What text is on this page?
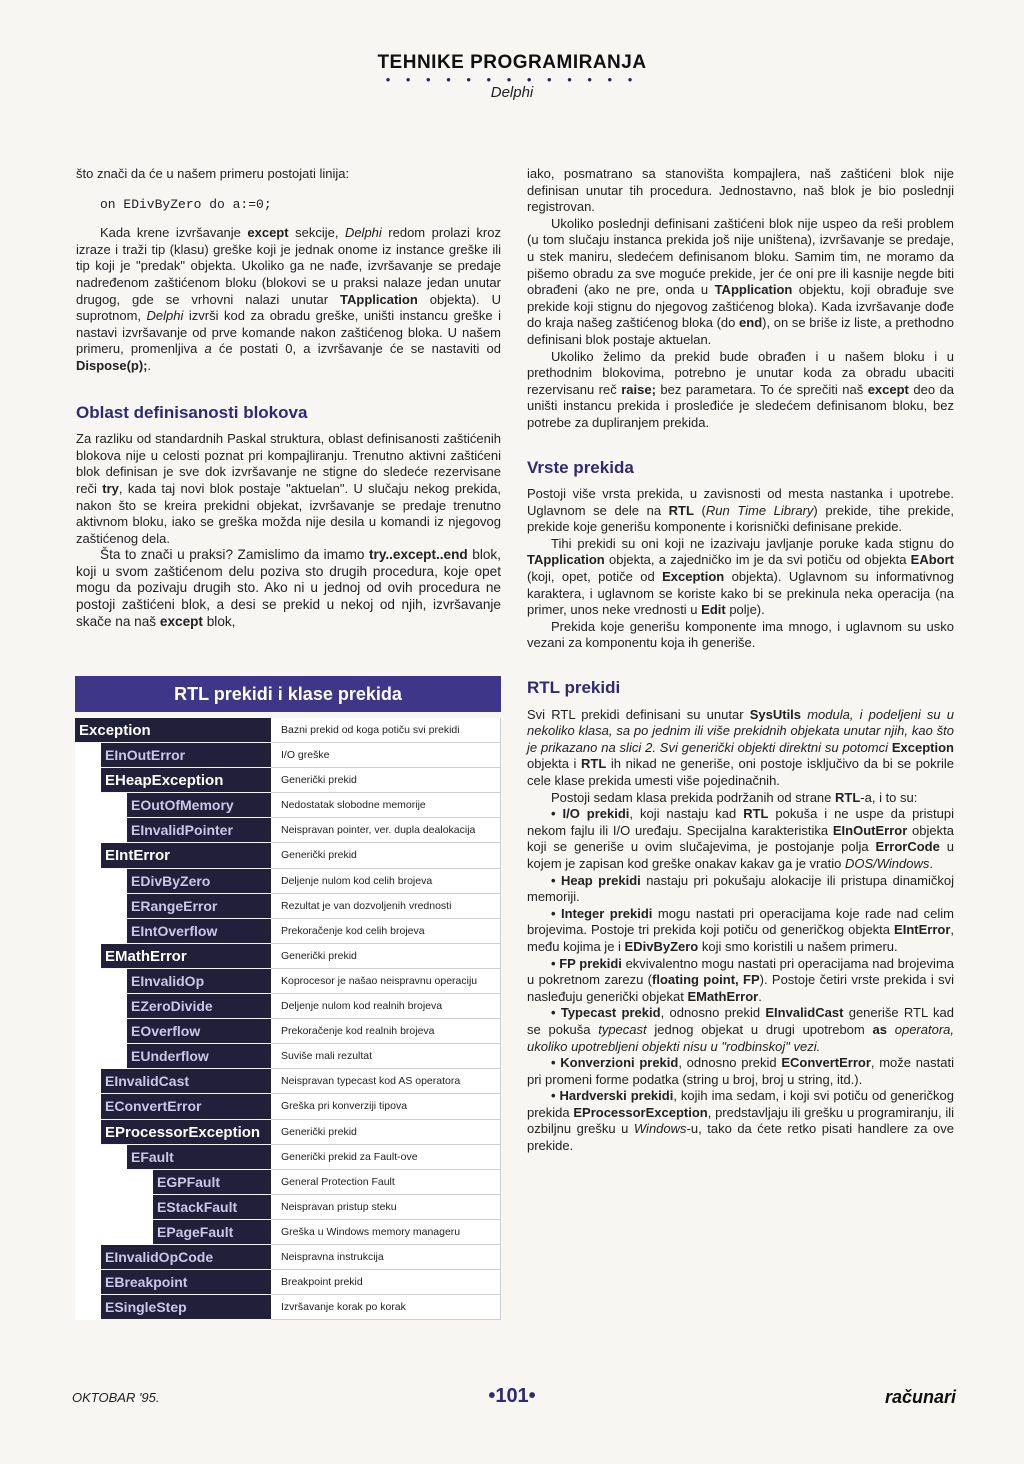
TEHNIKE PROGRAMIRANJA
• • • • • • • • • • • • •
Delphi

što znači da će u našem primeru postojati linija:

on EDivByZero do a:=0;

Kada krene izvršavanje except sekcije, Delphi redom prolazi kroz izraze i traži tip (klasu) greške koji je jednak onome iz instance greške ili tip koji je "predak" objekta. Ukoliko ga ne nađe, izvršavanje se predaje nadređenom zaštićenom bloku (blokovi se u praksi nalaze jedan unutar drugog, gde se vrhovni nalazi unutar TApplication objekta). U suprotnom, Delphi izvrši kod za obradu greške, uništi instancu greške i nastavi izvršavanje od prve komande nakon zaštićenog bloka. U našem primeru, promenljiva a će postati 0, a izvršavanje će se nastaviti od Dispose(p);.

Oblast definisanosti blokova

Za razliku od standardnih Paskal struktura, oblast definisanosti zaštićenih blokova nije u celosti poznat pri kompajliranju. Trenutno aktivni zaštićeni blok definisan je sve dok izvršavanje ne stigne do sledeće rezervisane reči try, kada taj novi blok postaje "aktuelan". U slučaju nekog prekida, nakon što se kreira prekidni objekat, izvršavanje se predaje trenutno aktivnom bloku, iako se greška možda nije desila u komandi iz njegovog zaštićenog dela.

Šta to znači u praksi? Zamislimo da imamo try..except..end blok, koji u svom zaštićenom delu poziva sto drugih procedura, koje opet mogu da pozivaju drugih sto. Ako ni u jednoj od ovih procedura ne postoji zaštićeni blok, a desi se prekid u nekoj od njih, izvršavanje skače na naš except blok,

RTL prekidi i klase prekida
Exception	Bazni prekid od koga potiču svi prekidi
EInOutError	I/O greške
EHeapException	Generički prekid
EOutOfMemory	Nedostatak slobodne memorije
EInvalidPointer	Neispravan pointer, ver. dupla dealokacija
EIntError	Generički prekid
EDivByZero	Deljenje nulom kod celih brojeva
ERangeError	Rezultat je van dozvoljenih vrednosti
EIntOverflow	Prekoračenje kod celih brojeva
EMathError	Generički prekid
EInvalidOp	Koprocesor je našao neispravnu operaciju
EZeroDivide	Deljenje nulom kod realnih brojeva
EOverflow	Prekoračenje kod realnih brojeva
EUnderflow	Suviše mali rezultat
EInvalidCast	Neispravan typecast kod AS operatora
EConvertError	Greška pri konverziji tipova
EProcessorException	Generički prekid
EFault	Generički prekid za Fault-ove
EGPFault	General Protection Fault
EStackFault	Neispravan pristup steku
EPageFault	Greška u Windows memory manageru
EInvalidOpCode	Neispravna instrukcija
EBreakpoint	Breakpoint prekid
ESingleStep	Izvršavanje korak po korak

iako, posmatrano sa stanovišta kompajlera, naš zaštićeni blok nije definisan unutar tih procedura. Jednostavno, naš blok je bio poslednji registrovan.

Ukoliko poslednji definisani zaštićeni blok nije uspeo da reši problem (u tom slučaju instanca prekida još nije uništena), izvršavanje se predaje, u stek maniru, sledećem definisanom bloku. Samim tim, ne moramo da pišemo obradu za sve moguće prekide, jer će oni pre ili kasnije negde biti obrađeni (ako ne pre, onda u TApplication objektu, koji obrađuje sve prekide koji stignu do njegovog zaštićenog bloka). Kada izvršavanje dođe do kraja našeg zaštićenog bloka (do end), on se briše iz liste, a prethodno definisani blok postaje aktuelan.

Ukoliko želimo da prekid bude obrađen i u našem bloku i u prethodnim blokovima, potrebno je unutar koda za obradu ubaciti rezervisanu reč raise; bez parametara. To će sprečiti naš except deo da uništi instancu prekida i prosleđiće je sledećem definisanom bloku, bez potrebe za dupliranjem prekida.

Vrste prekida

Postoji više vrsta prekida, u zavisnosti od mesta nastanka i upotrebe. Uglavnom se dele na RTL (Run Time Library) prekide, tihe prekide, prekide koje generišu komponente i korisnički definisane prekide.

Tihi prekidi su oni koji ne izazivaju javljanje poruke kada stignu do TApplication objekta, a zajedničko im je da svi potiču od objekta EAbort (koji, opet, potiče od Exception objekta). Uglavnom su informativnog karaktera, i uglavnom se koriste kako bi se prekinula neka operacija (na primer, unos neke vrednosti u Edit polje).

Prekida koje generišu komponente ima mnogo, i uglavnom su usko vezani za komponentu koja ih generiše.

RTL prekidi

Svi RTL prekidi definisani su unutar SysUtils modula, i podeljeni su u nekoliko klasa, sa po jednim ili više prekidnih objekata unutar njih, kao što je prikazano na slici 2. Svi generički objekti direktni su potomci Exception objekta i RTL ih nikad ne generiše, oni postoje isključivo da bi se pokrile cele klase prekida umesti više pojedinačnih.

Postoji sedam klasa prekida podržanih od strane RTL-a, i to su:

• I/O prekidi, koji nastaju kad RTL pokuša i ne uspe da pristupi nekom fajlu ili I/O uređaju. Specijalna karakteristika EInOutError objekta koji se generiše u ovim slučajevima, je postojanje polja ErrorCode u kojem je zapisan kod greške onakav kakav ga je vratio DOS/Windows.

• Heap prekidi nastaju pri pokušaju alokacije ili pristupa dinamičkoj memoriji.

• Integer prekidi mogu nastati pri operacijama koje rade nad celim brojevima. Postoje tri prekida koji potiču od generičkog objekta EIntError, među kojima je i EDivByZero koji smo koristili u našem primeru.

• FP prekidi ekvivalentno mogu nastati pri operacijama nad brojevima u pokretnom zarezu (floating point, FP). Postoje četiri vrste prekida i svi nasleđuju generički objekat EMathError.

• Typecast prekid, odnosno prekid EInvalidCast generiše RTL kad se pokuša typecast jednog objekat u drugi upotrebom as operatora, ukoliko upotrebljeni objekti nisu u "rodbinskoj" vezi.

• Konverzioni prekid, odnosno prekid EConvertError, može nastati pri promeni forme podatka (string u broj, broj u string, itd.).

• Hardverski prekidi, kojih ima sedam, i koji svi potiču od generičkog prekida EProcessorException, predstavljaju ili grešku u programiranju, ili ozbiljnu grešku u Windows-u, tako da ćete retko pisati handlere za ove prekide.

OKTOBAR '95.	•101•	računari
